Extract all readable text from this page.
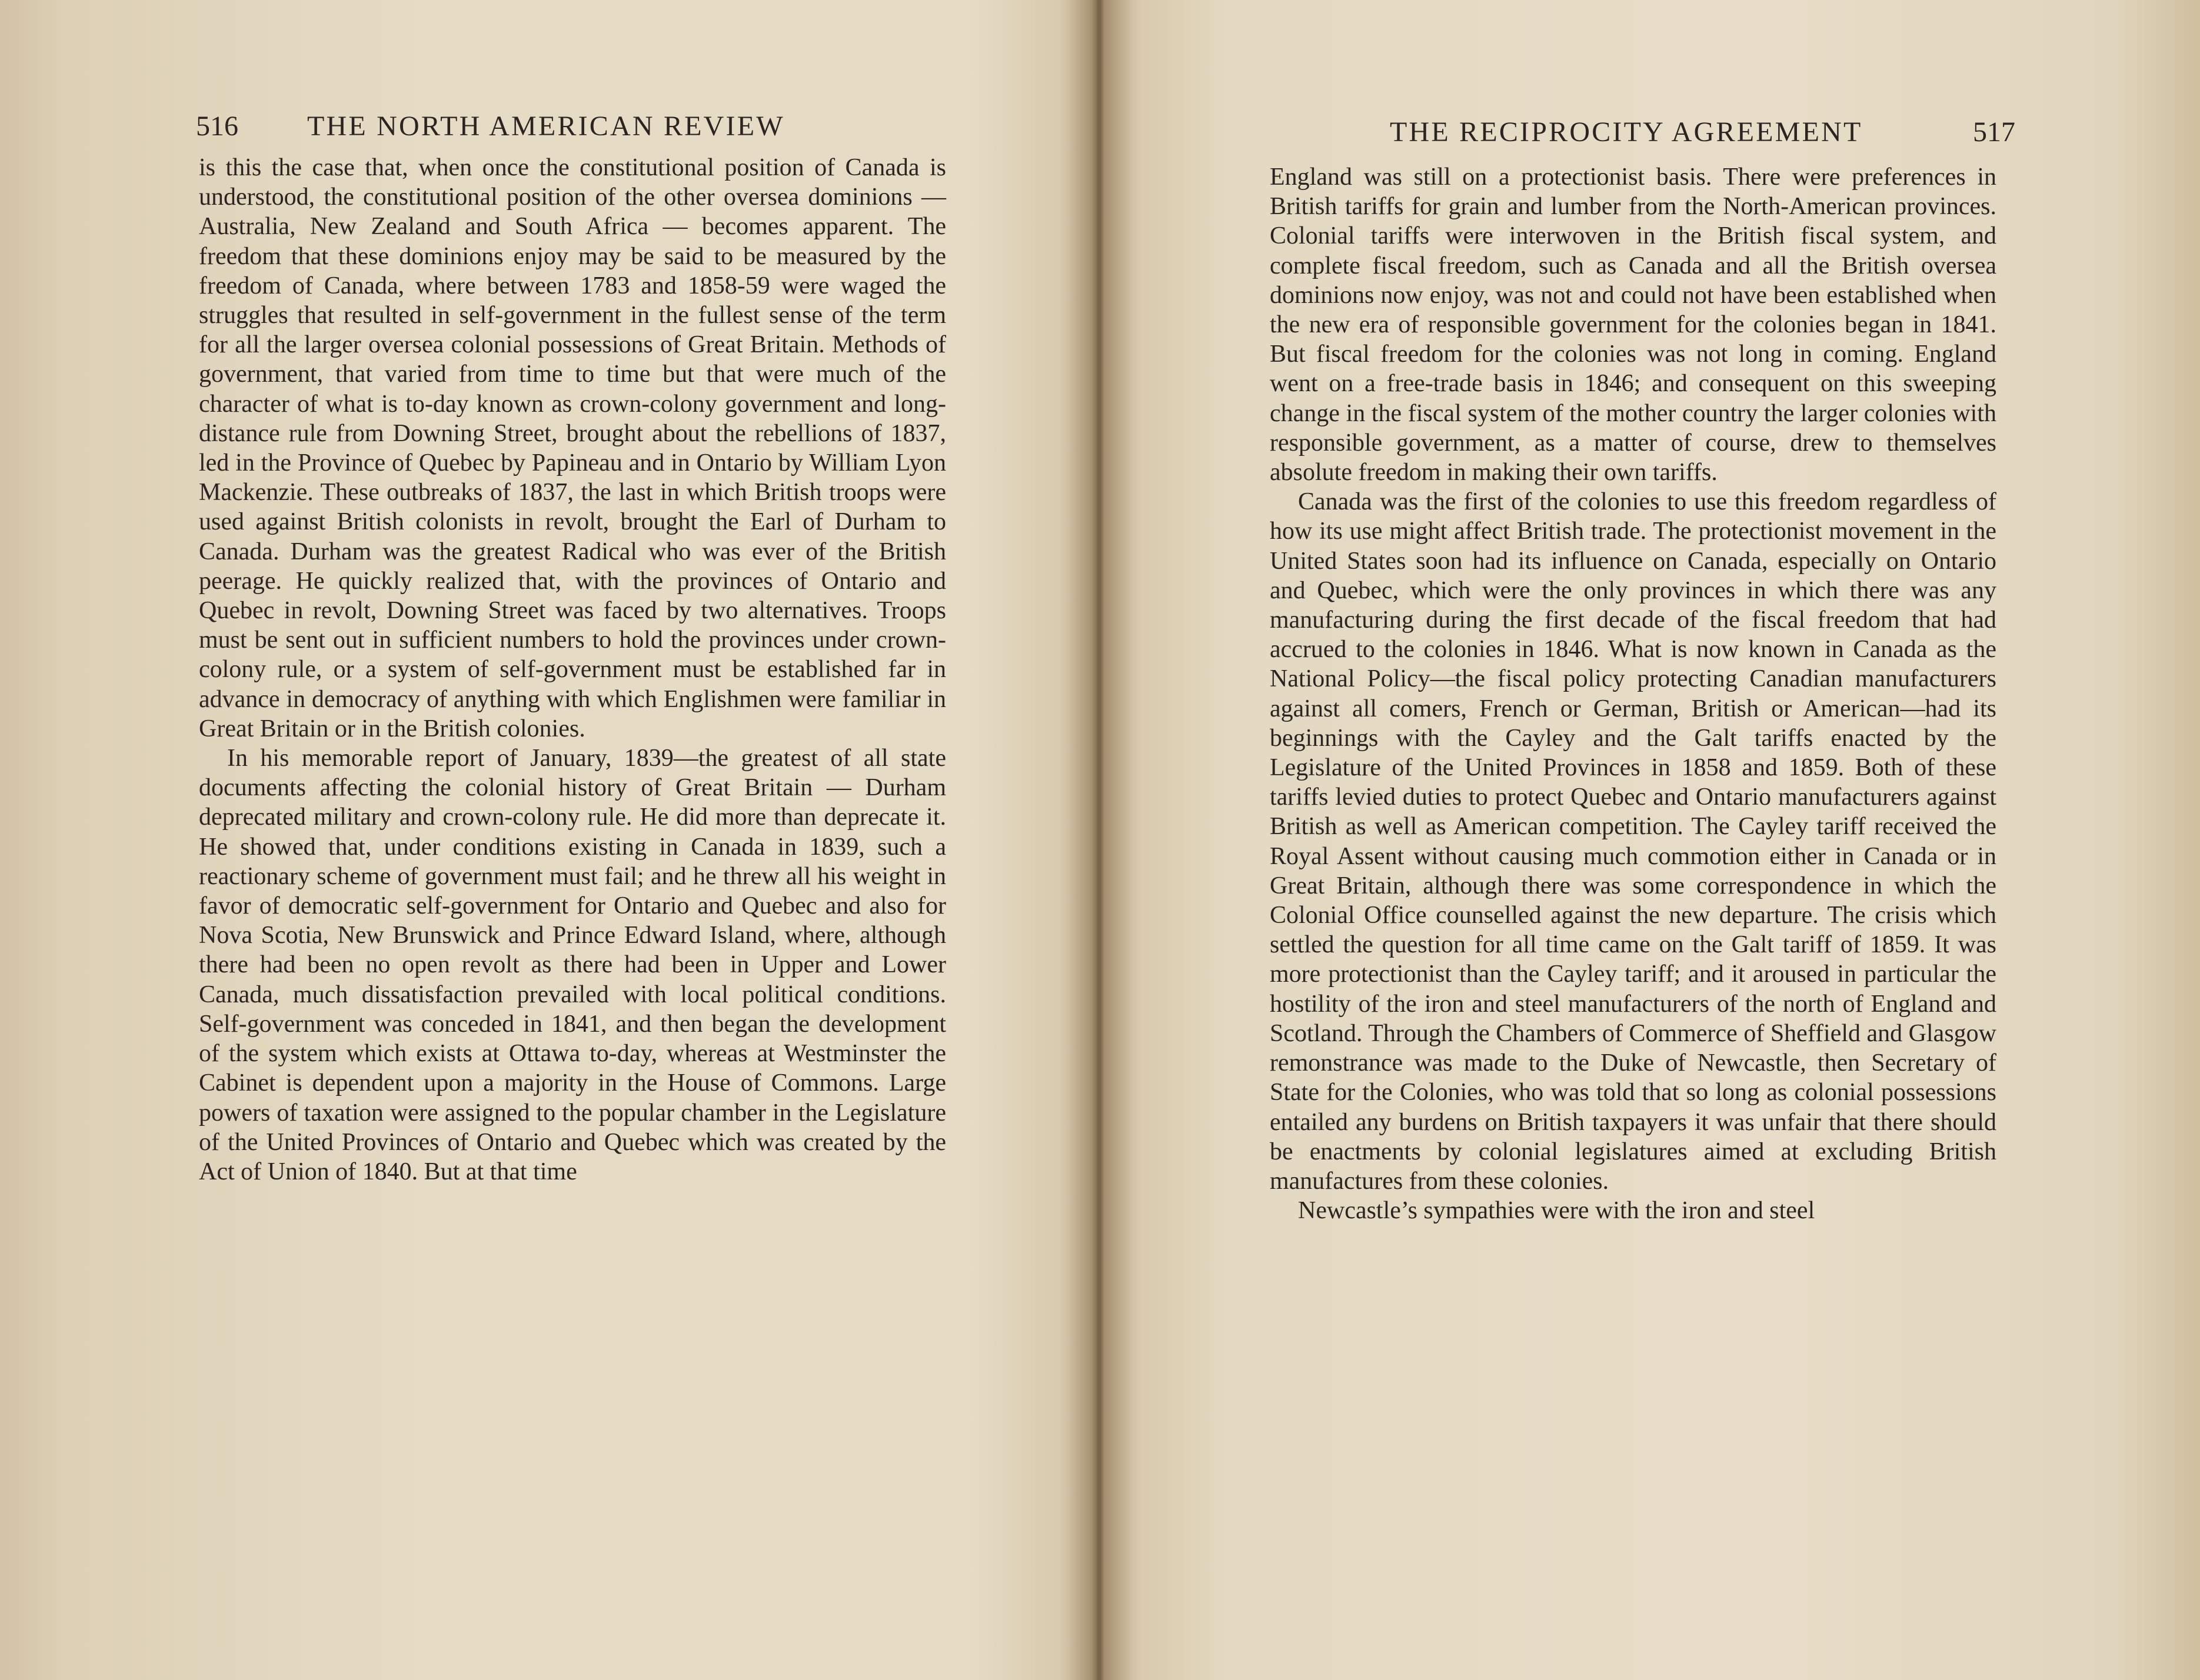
516 THE NORTH AMERICAN REVIEW

is this the case that, when once the constitutional position of Canada is understood, the constitutional position of the other oversea dominions — Australia, New Zealand and South Africa — becomes apparent. The freedom that these dominions enjoy may be said to be measured by the freedom of Canada, where between 1783 and 1858-59 were waged the struggles that resulted in self-government in the fullest sense of the term for all the larger oversea colonial possessions of Great Britain. Methods of government, that varied from time to time but that were much of the character of what is to-day known as crown-colony government and long-distance rule from Downing Street, brought about the rebellions of 1837, led in the Province of Quebec by Papineau and in Ontario by William Lyon Mackenzie. These outbreaks of 1837, the last in which British troops were used against British colonists in revolt, brought the Earl of Durham to Canada. Durham was the greatest Radical who was ever of the British peerage. He quickly realized that, with the provinces of Ontario and Quebec in revolt, Downing Street was faced by two alternatives. Troops must be sent out in sufficient numbers to hold the provinces under crown-colony rule, or a system of self-government must be established far in advance in democracy of anything with which Englishmen were familiar in Great Britain or in the British colonies.

In his memorable report of January, 1839—the greatest of all state documents affecting the colonial history of Great Britain — Durham deprecated military and crown-colony rule. He did more than deprecate it. He showed that, under conditions existing in Canada in 1839, such a reactionary scheme of government must fail; and he threw all his weight in favor of democratic self-government for Ontario and Quebec and also for Nova Scotia, New Brunswick and Prince Edward Island, where, although there had been no open revolt as there had been in Upper and Lower Canada, much dissatisfaction prevailed with local political conditions. Self-government was conceded in 1841, and then began the development of the system which exists at Ottawa to-day, whereas at Westminster the Cabinet is dependent upon a majority in the House of Commons. Large powers of taxation were assigned to the popular chamber in the Legislature of the United Provinces of Ontario and Quebec which was created by the Act of Union of 1840. But at that time

THE RECIPROCITY AGREEMENT	517

England was still on a protectionist basis. There were preferences in British tariffs for grain and lumber from the North-American provinces. Colonial tariffs were interwoven in the British fiscal system, and complete fiscal freedom, such as Canada and all the British oversea dominions now enjoy, was not and could not have been established when the new era of responsible government for the colonies began in 1841. But fiscal freedom for the colonies was not long in coming. England went on a free-trade basis in 1846; and consequent on this sweeping change in the fiscal system of the mother country the larger colonies with responsible government, as a matter of course, drew to themselves absolute freedom in making their own tariffs.

Canada was the first of the colonies to use this freedom regardless of how its use might affect British trade. The protectionist movement in the United States soon had its influence on Canada, especially on Ontario and Quebec, which were the only provinces in which there was any manufacturing during the first decade of the fiscal freedom that had accrued to the colonies in 1846. What is now known in Canada as the National Policy—the fiscal policy protecting Canadian manufacturers against all comers, French or German, British or American—had its beginnings with the Cayley and the Galt tariffs enacted by the Legislature of the United Provinces in 1858 and 1859. Both of these tariffs levied duties to protect Quebec and Ontario manufacturers against British as well as American competition. The Cayley tariff received the Royal Assent without causing much commotion either in Canada or in Great Britain, although there was some correspondence in which the Colonial Office counselled against the new departure. The crisis which settled the question for all time came on the Galt tariff of 1859. It was more protectionist than the Cayley tariff; and it aroused in particular the hostility of the iron and steel manufacturers of the north of England and Scotland. Through the Chambers of Commerce of Sheffield and Glasgow remonstrance was made to the Duke of Newcastle, then Secretary of State for the Colonies, who was told that so long as colonial possessions entailed any burdens on British taxpayers it was unfair that there should be enactments by colonial legislatures aimed at excluding British manufactures from these colonies.

Newcastle’s sympathies were with the iron and steel
